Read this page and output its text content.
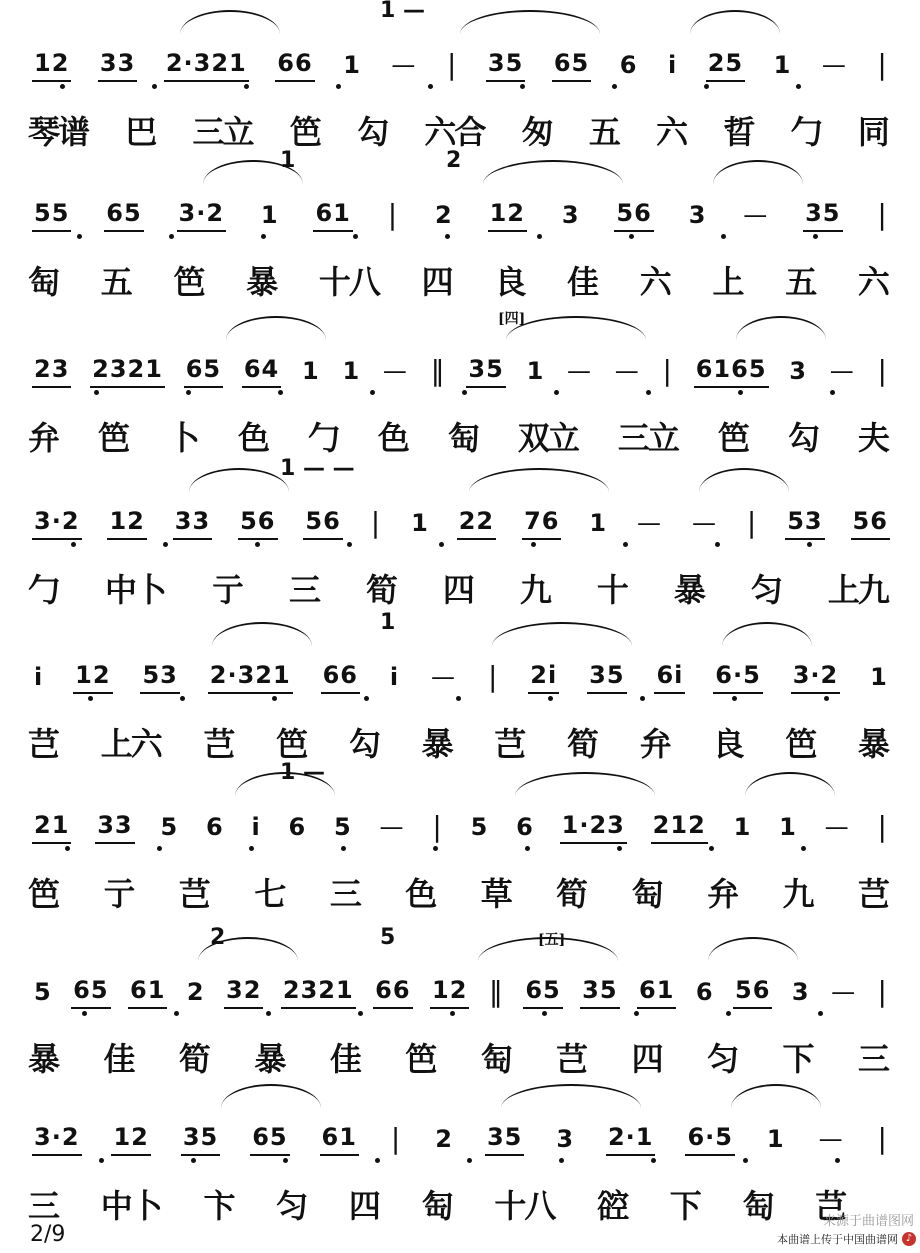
12 33 2·321 66 1 — | 35 65 6 i 25 1 — |
1 —
琴谱 巴 三立 笆 勾 六合 匆 五 六 晢 勹 同
55 65 3·2 1 61 | 2 12 3 56 3 — 35 |
1	2
匋 五 笆 暴 十八 四 良 佳 六 上 五 六
23 2321 65 64 1 1 — ‖ 35 1 — — | 6165 3 — |
[四]
弁 笆 卜 色 勹 色 匋 双立 三立 笆 勾 夫
3·2 12 33 56 56 | 1 22 76 1 — — | 53 56
1 — —
勹 中卜 亍 三 筍 四 九 十 暴 匀 上九
i 12 53 2·321 66 i — | 2i 35 6i 6·5 3·2 1
1
芑 上六 芑 笆 勾 暴 芑 筍 弁 良 笆 暴
21 33 5 6 i 6 5 — | 5 6 1·23 212 1 1 — |
1 —
笆 亍 芑 七 三 色 草 筍 匋 弁 九 芑
5 65 61 2 32 2321 66 12 ‖ 65 35 61 6 56 3 — |
5
2	[五]
暴 佳 筍 暴 佳 笆 匋 芑 四 匀 下 三
3·2 12 35 65 61 | 2 35 3 2·1 6·5 1 — |
三 中卜 卞 匀 四 匋 十八 谾 下 匋 芑
来源于曲谱图网
2/9	本曲谱上传于中国曲谱网 ♪
